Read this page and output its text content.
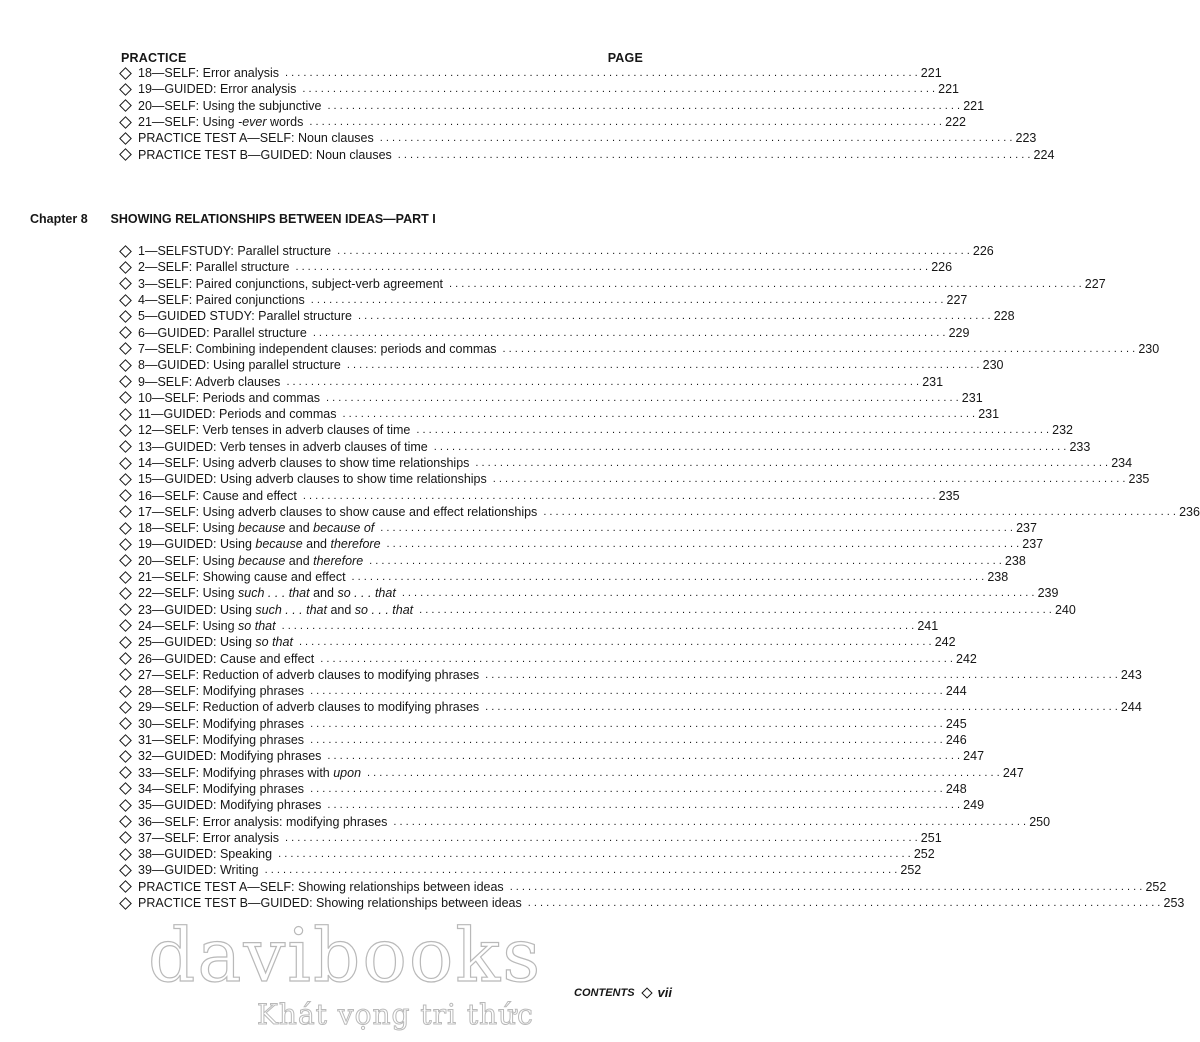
PRACTICE	PAGE
18—SELF: Error analysis . . .	221
19—GUIDED: Error analysis . . .	221
20—SELF: Using the subjunctive . . .	221
21—SELF: Using -ever words . . .	222
PRACTICE TEST A—SELF: Noun clauses . . .	223
PRACTICE TEST B—GUIDED: Noun clauses . . .	224
Chapter 8 SHOWING RELATIONSHIPS BETWEEN IDEAS—PART I
1—SELFSTUDY: Parallel structure . . .	226
2—SELF: Parallel structure . . .	226
3—SELF: Paired conjunctions, subject-verb agreement . . .	227
4—SELF: Paired conjunctions . . .	227
5—GUIDED STUDY: Parallel structure . . .	228
6—GUIDED: Parallel structure . . .	229
7—SELF: Combining independent clauses: periods and commas . . .	230
8—GUIDED: Using parallel structure . . .	230
9—SELF: Adverb clauses . . .	231
10—SELF: Periods and commas . . .	231
11—GUIDED: Periods and commas . . .	231
12—SELF: Verb tenses in adverb clauses of time . . .	232
13—GUIDED: Verb tenses in adverb clauses of time . . .	233
14—SELF: Using adverb clauses to show time relationships . . .	234
15—GUIDED: Using adverb clauses to show time relationships . . .	235
16—SELF: Cause and effect . . .	235
17—SELF: Using adverb clauses to show cause and effect relationships . . .	236
18—SELF: Using because and because of . . .	237
19—GUIDED: Using because and therefore . . .	237
20—SELF: Using because and therefore . . .	238
21—SELF: Showing cause and effect . . .	238
22—SELF: Using such . . . that and so . . . that . . .	239
23—GUIDED: Using such . . . that and so . . . that . . .	240
24—SELF: Using so that . . .	241
25—GUIDED: Using so that . . .	242
26—GUIDED: Cause and effect . . .	242
27—SELF: Reduction of adverb clauses to modifying phrases . . .	243
28—SELF: Modifying phrases . . .	244
29—SELF: Reduction of adverb clauses to modifying phrases . . .	244
30—SELF: Modifying phrases . . .	245
31—SELF: Modifying phrases . . .	246
32—GUIDED: Modifying phrases . . .	247
33—SELF: Modifying phrases with upon . . .	247
34—SELF: Modifying phrases . . .	248
35—GUIDED: Modifying phrases . . .	249
36—SELF: Error analysis: modifying phrases . . .	250
37—SELF: Error analysis . . .	251
38—GUIDED: Speaking . . .	252
39—GUIDED: Writing . . .	252
PRACTICE TEST A—SELF: Showing relationships between ideas . . .	252
PRACTICE TEST B—GUIDED: Showing relationships between ideas . . .	253
davibooks
Khát vọng tri thức
CONTENTS vii
